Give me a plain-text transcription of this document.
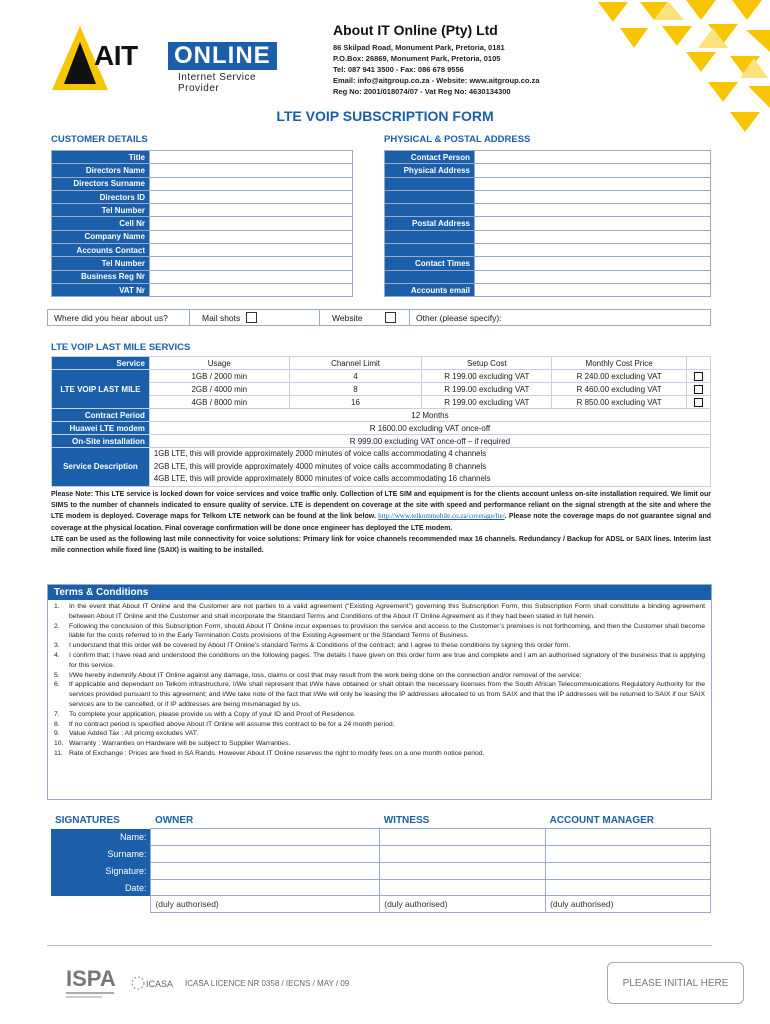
AIT ONLINE
Internet Service Provider
About IT Online (Pty) Ltd
86 Skilpad Road, Monument Park, Pretoria, 0181
P.O.Box: 26869, Monument Park, Pretoria, 0105
Tel: 087 941 3500 - Fax: 086 678 9556
Email: info@aitgroup.co.za - Website: www.aitgroup.co.za
Reg No: 2001/018074/07 - Vat Reg No: 4630134300
LTE VOIP SUBSCRIPTION FORM
CUSTOMER DETAILS	PHYSICAL & POSTAL ADDRESS
Title	
Directors Name	
Directors Surname	
Directors ID	
Tel Number	
Cell Nr	
Company Name	
Accounts Contact	
Tel Number	
Business Reg Nr	
VAT Nr	
Contact Person	
Physical Address	

Postal Address	

Contact Times	

Accounts email	
Where did you hear about us?	Mail shots	Website	Other (please specify):
LTE VOIP LAST MILE SERVICS
Service	Usage	Channel Limit	Setup Cost	Monthly Cost Price	
LTE VOIP LAST MILE	1GB / 2000 min	4	R 199.00 excluding VAT	R 240.00 excluding VAT	
	2GB / 4000 min	8	R 199.00 excluding VAT	R 460.00 excluding VAT	
	4GB / 8000 min	16	R 199.00 excluding VAT	R 850.00 excluding VAT	
Contract Period	12 Months				
Huawei LTE modem	R 1600.00 excluding VAT once-off				
On-Site installation	R 999.00 excluding VAT once-off – if required				
Service Description	1GB LTE, this will provide approximately 2000 minutes of voice calls accommodating 4 channels
2GB LTE, this will provide approximately 4000 minutes of voice calls accommodating 8 channels
4GB LTE, this will provide approximately 8000 minutes of voice calls accommodating 16 channels				
Please Note: This LTE service is locked down for voice services and voice traffic only. Collection of LTE SIM and equipment is for the clients account unless on-site installation required. We limit our SIMS to the number of channels indicated to ensure quality of service. LTE is dependent on coverage at the site with speed and performance reliant on the signal strength at the site and where the LTE modem is deployed. Coverage maps for Telkom LTE network can be found at the link below. http://www.telkommobile.co.za/coverage/lte/. Please note the coverage maps do not guarantee signal and coverage at the physical location. Final coverage confirmation will be done once engineer has deployed the LTE modem.
LTE can be used as the following last mile connectivity for voice solutions: Primary link for voice channels recommended max 16 channels. Redundancy / Backup for ADSL or SAIX lines. Interim last mile connection while fixed line (SAIX) is waiting to be installed.
Terms & Conditions
1.	In the event that About IT Online and the Customer are not parties to a valid agreement (“Existing Agreement”) governing this Subscription Form, this Subscription Form shall constitute a binding agreement between About IT Online and the Customer and shall incorporate the Standard Terms and Conditions of the About IT Online Agreement as if they had been stated in full herein.
2.	Following the conclusion of this Subscription Form, should About IT Online incur expenses to provision the service and access to the Customer’s premises is not forthcoming, and then the Customer shall become liable for the costs referred to in the Early Termination Costs provisions of the Existing Agreement or the Standard Terms of Business.
3.	I understand that this order will be covered by About IT Online’s standard Terms & Conditions of the contract; and I agree to these conditions by signing this order form.
4.	I confirm that; I have read and understood the conditions on the following pages. The details I have given on this order form are true and complete and I am an authorised signatory of the business that is applying for this service.
5.	I/We hereby indemnify About IT Online against any damage, loss, claims or cost that may result from the work being done on the connection and/or removal of the service;
6.	If applicable and dependant on Telkom infrastructure, I/We shall represent that I/We have obtained or shall obtain the necessary licenses from the South African Telecommunications Regulatory Authority for the services provided pursuant to this agreement; and I/We take note of the fact that I/We will only be leasing the IP addresses allocated to us from SAIX and that the IP addresses will be returned to SAIX if our SAIX services are to be cancelled, or if IP addresses are being mismanaged by us.
7.	To complete your application, please provide us with a Copy of your ID and Proof of Residence.
8.	If no contract period is specified above About IT Online will assume this contract to be for a 24 month period.
9.	Value Added Tax : All pricing excludes VAT.
10. Warranty : Warranties on Hardware will be subject to Supplier Warranties.
11. Rate of Exchange : Prices are fixed in SA Rands. However About IT Online reserves the right to modify fees on a one month notice period.
SIGNATURES	OWNER	WITNESS	ACCOUNT MANAGER
Name:			
Surname:			
Signature:			
Date:			
	(duly authorised)	(duly authorised)	(duly authorised)
ISPA	ICASA ICASA LICENCE NR 0358 / IECNS / MAY / 09	PLEASE INITIAL HERE
